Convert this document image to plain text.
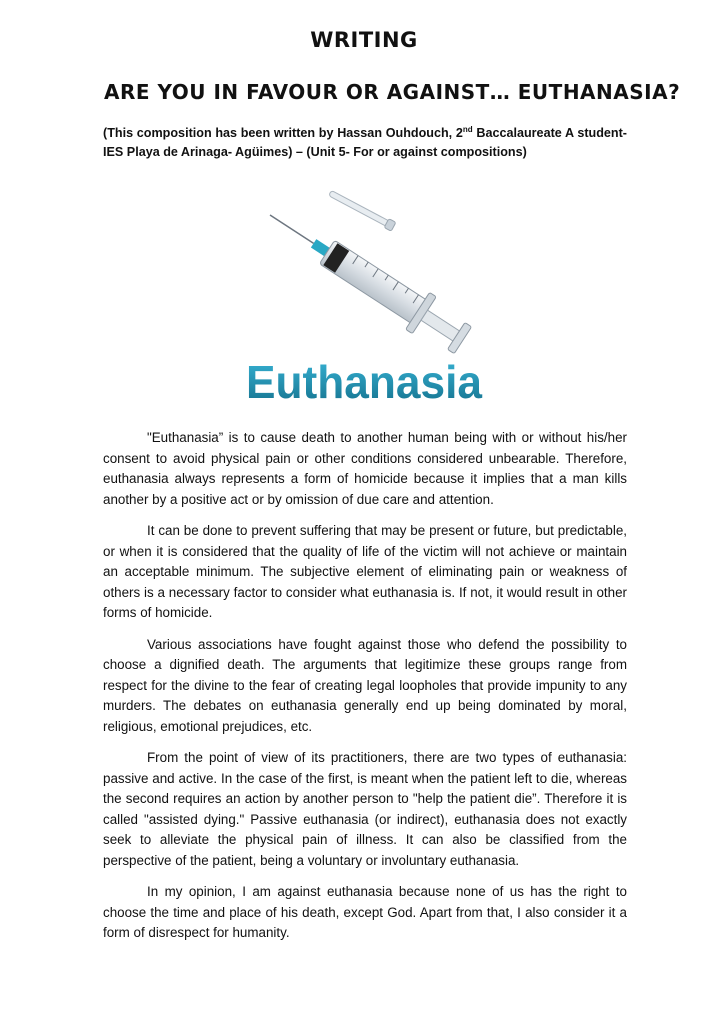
WRITING
ARE YOU IN FAVOUR OR AGAINST… EUTHANASIA?
(This composition has been written by Hassan Ouhdouch, 2nd Baccalaureate A student- IES Playa de Arinaga- Agüimes) – (Unit 5- For or against compositions)
Euthanasia

"Euthanasia” is to cause death to another human being with or without his/her consent to avoid physical pain or other conditions considered unbearable. Therefore, euthanasia always represents a form of homicide because it implies that a man kills another by a positive act or by omission of due care and attention.

It can be done to prevent suffering that may be present or future, but predictable, or when it is considered that the quality of life of the victim will not achieve or maintain an acceptable minimum. The subjective element of eliminating pain or weakness of others is a necessary factor to consider what euthanasia is. If not, it would result in other forms of homicide.

Various associations have fought against those who defend the possibility to choose a dignified death. The arguments that legitimize these groups range from respect for the divine to the fear of creating legal loopholes that provide impunity to any murders. The debates on euthanasia generally end up being dominated by moral, religious, emotional prejudices, etc.

From the point of view of its practitioners, there are two types of euthanasia: passive and active. In the case of the first, is meant when the patient left to die, whereas the second requires an action by another person to "help the patient die”. Therefore it is called "assisted dying." Passive euthanasia (or indirect), euthanasia does not exactly seek to alleviate the physical pain of illness. It can also be classified from the perspective of the patient, being a voluntary or involuntary euthanasia.

In my opinion, I am against euthanasia because none of us has the right to choose the time and place of his death, except God. Apart from that, I also consider it a form of disrespect for humanity.
